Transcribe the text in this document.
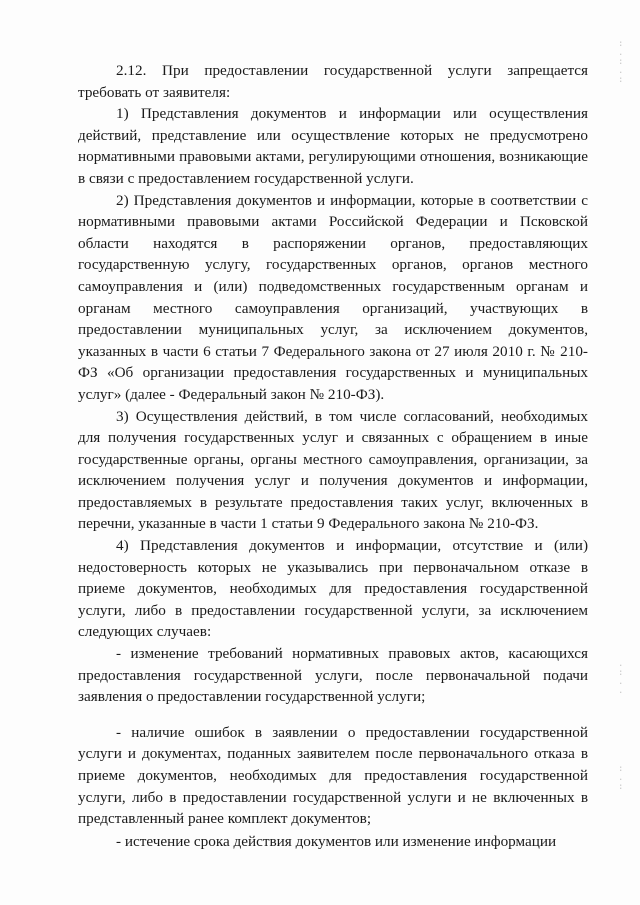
:
.
:
.
:
.
:
.
.
:
.
:

2.12. При предоставлении государственной услуги запрещается требовать от заявителя:

1) Представления документов и информации или осуществления действий, представление или осуществление которых не предусмотрено нормативными правовыми актами, регулирующими отношения, возникающие в связи с предоставлением государственной услуги.

2) Представления документов и информации, которые в соответствии с нормативными правовыми актами Российской Федерации и Псковской области находятся в распоряжении органов, предоставляющих государственную услугу, государственных органов, органов местного самоуправления и (или) подведомственных государственным органам и органам местного самоуправления организаций, участвующих в предоставлении муниципальных услуг, за исключением документов, указанных в части 6 статьи 7 Федерального закона от 27 июля 2010 г. № 210-ФЗ «Об организации предоставления государственных и муниципальных услуг» (далее - Федеральный закон № 210-ФЗ).

3) Осуществления действий, в том числе согласований, необходимых для получения государственных услуг и связанных с обращением в иные государственные органы, органы местного самоуправления, организации, за исключением получения услуг и получения документов и информации, предоставляемых в результате предоставления таких услуг, включенных в перечни, указанные в части 1 статьи 9 Федерального закона № 210-ФЗ.

4) Представления документов и информации, отсутствие и (или) недостоверность которых не указывались при первоначальном отказе в приеме документов, необходимых для предоставления государственной услуги, либо в предоставлении государственной услуги, за исключением следующих случаев:

- изменение требований нормативных правовых актов, касающихся предоставления государственной услуги, после первоначальной подачи заявления о предоставлении государственной услуги;

- наличие ошибок в заявлении о предоставлении государственной услуги и документах, поданных заявителем после первоначального отказа в приеме документов, необходимых для предоставления государственной услуги, либо в предоставлении государственной услуги и не включенных в представленный ранее комплект документов;

- истечение срока действия документов или изменение информации
